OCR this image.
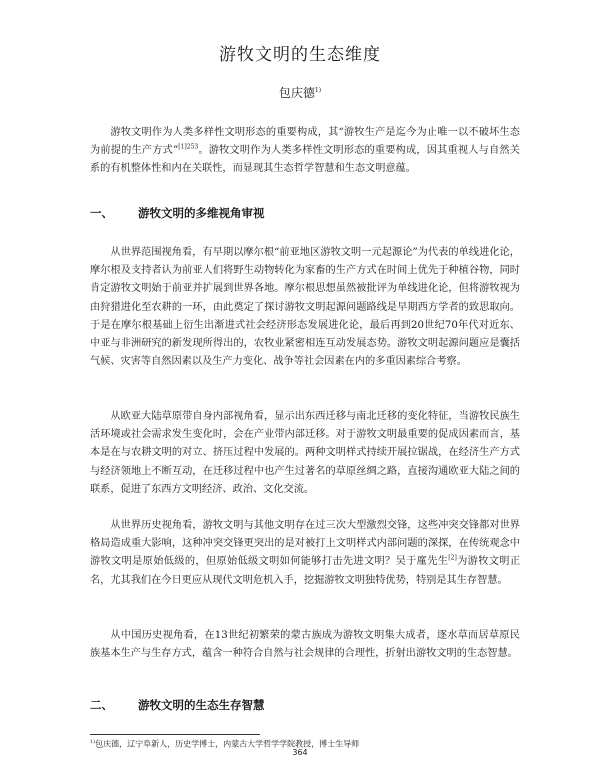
游牧文明的生态维度
包庆德$^{1)}$

游牧文明作为人类多样性文明形态的重要构成，其“游牧生产是迄今为止唯一以不破坏生态为前提的生产方式”$^{[1]253}$。游牧文明作为人类多样性文明形态的重要构成，因其重视人与自然关系的有机整体性和内在关联性，而显现其生态哲学智慧和生态文明意蕴。

一、 游牧文明的多维视角审视

从世界范围视角看，有早期以摩尔根“前亚地区游牧文明一元起源论”为代表的单线进化论，摩尔根及支持者认为前亚人们将野生动物转化为家畜的生产方式在时间上优先于种植谷物，同时肯定游牧文明始于前亚并扩展到世界各地。摩尔根思想虽然被批评为单线进化论，但将游牧视为由狩猎进化至农耕的一环，由此奠定了探讨游牧文明起源问题路线是早期西方学者的致思取向。于是在摩尔根基础上衍生出渐进式社会经济形态发展进化论，最后再到20世纪70年代对近东、中亚与非洲研究的新发现所得出的，农牧业紧密相连互动发展态势。游牧文明起源问题应是囊括气候、灾害等自然因素以及生产力变化、战争等社会因素在内的多重因素综合考察。

从欧亚大陆草原带自身内部视角看，显示出东西迁移与南北迁移的变化特征，当游牧民族生活环境或社会需求发生变化时，会在产业带内部迁移。对于游牧文明最重要的促成因素而言，基本是在与农耕文明的对立、挤压过程中发展的。两种文明样式持续开展拉锯战，在经济生产方式与经济领地上不断互动，在迁移过程中也产生过著名的草原丝绸之路，直接沟通欧亚大陆之间的联系，促进了东西方文明经济、政治、文化交流。

从世界历史视角看，游牧文明与其他文明存在过三次大型激烈交锋，这些冲突交锋都对世界格局造成重大影响，这种冲突交锋更突出的是对被打上文明样式内部问题的深探，在传统观念中游牧文明是原始低级的，但原始低级文明如何能够打击先进文明？吴于廑先生[2]为游牧文明正名，尤其我们在今日更应从现代文明危机入手，挖掘游牧文明独特优势，特别是其生存智慧。

从中国历史视角看，在13世纪初繁荣的蒙古族成为游牧文明集大成者，逐水草而居草原民族基本生产与生存方式，蕴含一种符合自然与社会规律的合理性，折射出游牧文明的生态智慧。

二、 游牧文明的生态生存智慧
$^{1)}$包庆德，辽宁阜新人，历史学博士，内蒙古大学哲学学院教授，博士生导师
364
